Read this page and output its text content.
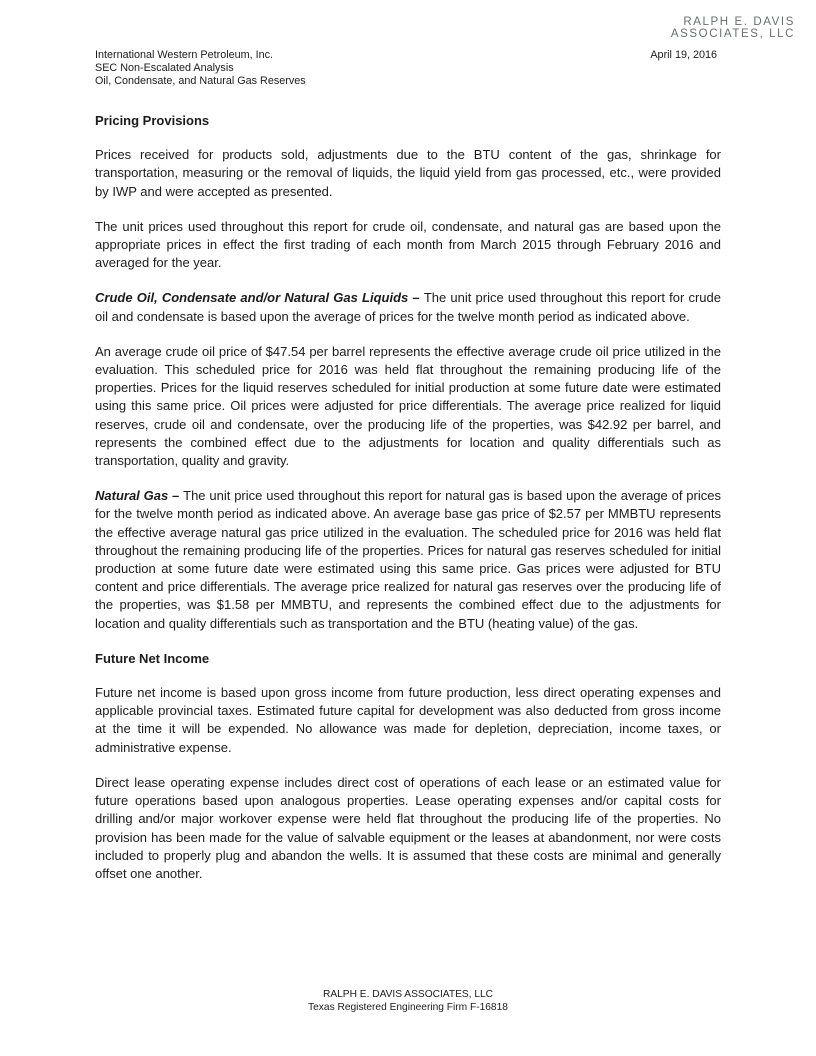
RALPH E. DAVIS
ASSOCIATES, LLC
International Western Petroleum, Inc.
SEC Non-Escalated Analysis
Oil, Condensate, and Natural Gas Reserves
April 19, 2016
Pricing Provisions

Prices received for products sold, adjustments due to the BTU content of the gas, shrinkage for transportation, measuring or the removal of liquids, the liquid yield from gas processed, etc., were provided by IWP and were accepted as presented.

The unit prices used throughout this report for crude oil, condensate, and natural gas are based upon the appropriate prices in effect the first trading of each month from March 2015 through February 2016 and averaged for the year.

Crude Oil, Condensate and/or Natural Gas Liquids – The unit price used throughout this report for crude oil and condensate is based upon the average of prices for the twelve month period as indicated above.

An average crude oil price of $47.54 per barrel represents the effective average crude oil price utilized in the evaluation. This scheduled price for 2016 was held flat throughout the remaining producing life of the properties. Prices for the liquid reserves scheduled for initial production at some future date were estimated using this same price. Oil prices were adjusted for price differentials. The average price realized for liquid reserves, crude oil and condensate, over the producing life of the properties, was $42.92 per barrel, and represents the combined effect due to the adjustments for location and quality differentials such as transportation, quality and gravity.

Natural Gas – The unit price used throughout this report for natural gas is based upon the average of prices for the twelve month period as indicated above. An average base gas price of $2.57 per MMBTU represents the effective average natural gas price utilized in the evaluation. The scheduled price for 2016 was held flat throughout the remaining producing life of the properties. Prices for natural gas reserves scheduled for initial production at some future date were estimated using this same price. Gas prices were adjusted for BTU content and price differentials. The average price realized for natural gas reserves over the producing life of the properties, was $1.58 per MMBTU, and represents the combined effect due to the adjustments for location and quality differentials such as transportation and the BTU (heating value) of the gas.

Future Net Income

Future net income is based upon gross income from future production, less direct operating expenses and applicable provincial taxes. Estimated future capital for development was also deducted from gross income at the time it will be expended. No allowance was made for depletion, depreciation, income taxes, or administrative expense.

Direct lease operating expense includes direct cost of operations of each lease or an estimated value for future operations based upon analogous properties. Lease operating expenses and/or capital costs for drilling and/or major workover expense were held flat throughout the producing life of the properties. No provision has been made for the value of salvable equipment or the leases at abandonment, nor were costs included to properly plug and abandon the wells. It is assumed that these costs are minimal and generally offset one another.

RALPH E. DAVIS ASSOCIATES, LLC
Texas Registered Engineering Firm F-16818
